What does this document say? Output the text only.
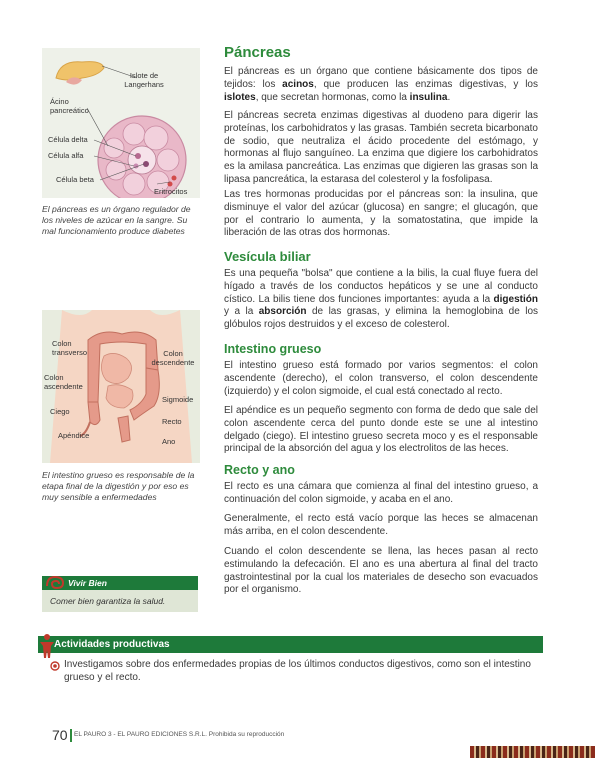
Islote de Langerhans
Ácino pancreático
Célula delta
Célula alfa
Célula beta
Eritrocitos
El páncreas es un órgano regulador de los niveles de azúcar en la sangre. Su mal funcionamiento produce diabetes
Colon transverso	Colon descendente
Colon ascendente
Sigmoide
Ciego
Recto
Apéndice
Ano
El intestino grueso es responsable de la etapa final de la digestión y por eso es muy sensible a enfermedades
Vivir Bien
Comer bien garantiza la salud.
Páncreas

El páncreas es un órgano que contiene básicamente dos tipos de tejidos: los acinos, que producen las enzimas digestivas, y los islotes, que secretan hormonas, como la insulina.

El páncreas secreta enzimas digestivas al duodeno para digerir las proteínas, los carbohidratos y las grasas. También secreta bicarbonato de sodio, que neutraliza el ácido procedente del estómago, y hormonas al flujo sanguíneo. La enzima que digiere los carbohidratos es la amilasa pancreática. Las enzimas que digieren las grasas son la lipasa pancreática, la estarasa del colesterol y la fosfolipasa.

Las tres hormonas producidas por el páncreas son: la insulina, que disminuye el valor del azúcar (glucosa) en sangre; el glucagón, que por el contrario lo aumenta, y la somatostatina, que impide la liberación de las otras dos hormonas.

Vesícula biliar

Es una pequeña "bolsa" que contiene a la bilis, la cual fluye fuera del hígado a través de los conductos hepáticos y se une al conducto cístico. La bilis tiene dos funciones importantes: ayuda a la digestión y a la absorción de las grasas, y elimina la hemoglobina de los glóbulos rojos destruidos y el exceso de colesterol.

Intestino grueso

El intestino grueso está formado por varios segmentos: el colon ascendente (derecho), el colon transverso, el colon descendente (izquierdo) y el colon sigmoide, el cual está conectado al recto.

El apéndice es un pequeño segmento con forma de dedo que sale del colon ascendente cerca del punto donde este se une al intestino delgado (ciego). El intestino grueso secreta moco y es el responsable principal de la absorción del agua y los electrolitos de las heces.

Recto y ano

El recto es una cámara que comienza al final del intestino grueso, a continuación del colon sigmoide, y acaba en el ano.

Generalmente, el recto está vacío porque las heces se almacenan más arriba, en el colon descendente.

Cuando el colon descendente se llena, las heces pasan al recto estimulando la defecación. El ano es una abertura al final del tracto gastrointestinal por la cual los materiales de desecho son evacuados por el organismo.

Actividades productivas

Investigamos sobre dos enfermedades propias de los últimos conductos digestivos, como son el intestino grueso y el recto.

70 EL PAURO 3 - EL PAURO EDICIONES S.R.L. Prohibida su reproducción
